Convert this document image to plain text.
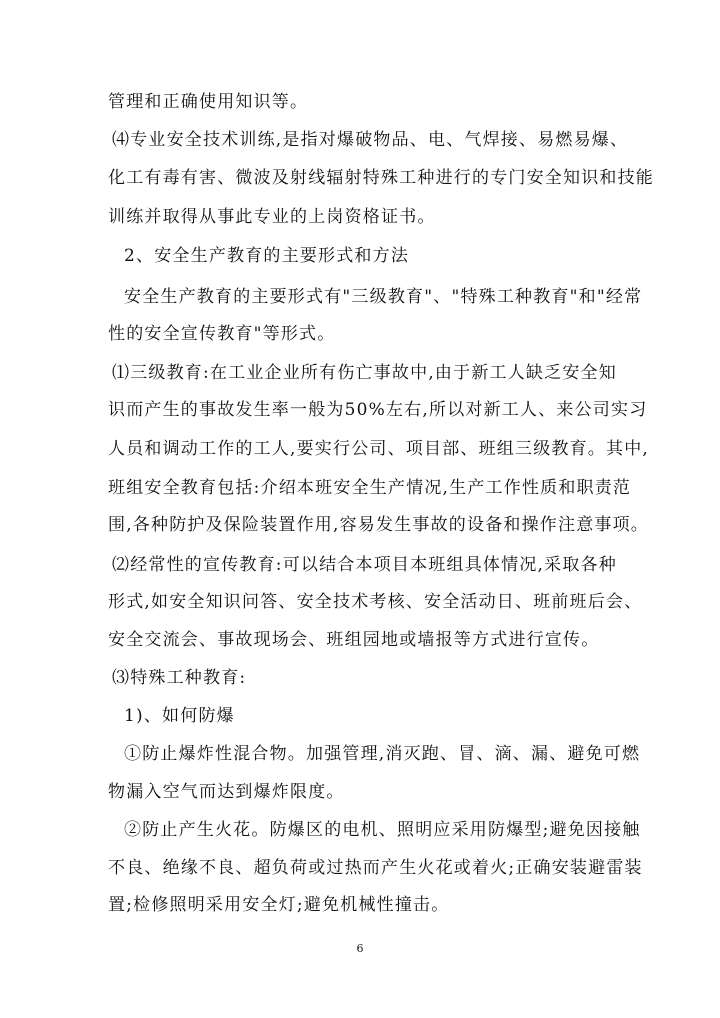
管理和正确使用知识等。
⑷专业安全技术训练,是指对爆破物品、电、气焊接、易燃易爆、
化工有毒有害、微波及射线辐射特殊工种进行的专门安全知识和技能
训练并取得从事此专业的上岗资格证书。
2、安全生产教育的主要形式和方法
安全生产教育的主要形式有"三级教育"、"特殊工种教育"和"经常
性的安全宣传教育"等形式。
⑴三级教育:在工业企业所有伤亡事故中,由于新工人缺乏安全知
识而产生的事故发生率一般为50%左右,所以对新工人、来公司实习
人员和调动工作的工人,要实行公司、项目部、班组三级教育。其中,
班组安全教育包括:介绍本班安全生产情况,生产工作性质和职责范
围,各种防护及保险装置作用,容易发生事故的设备和操作注意事项。
⑵经常性的宣传教育:可以结合本项目本班组具体情况,采取各种
形式,如安全知识问答、安全技术考核、安全活动日、班前班后会、
安全交流会、事故现场会、班组园地或墙报等方式进行宣传。
⑶特殊工种教育:
1)、如何防爆
①防止爆炸性混合物。加强管理,消灭跑、冒、滴、漏、避免可燃
物漏入空气而达到爆炸限度。
②防止产生火花。防爆区的电机、照明应采用防爆型;避免因接触
不良、绝缘不良、超负荷或过热而产生火花或着火;正确安装避雷装
置;检修照明采用安全灯;避免机械性撞击。
6
